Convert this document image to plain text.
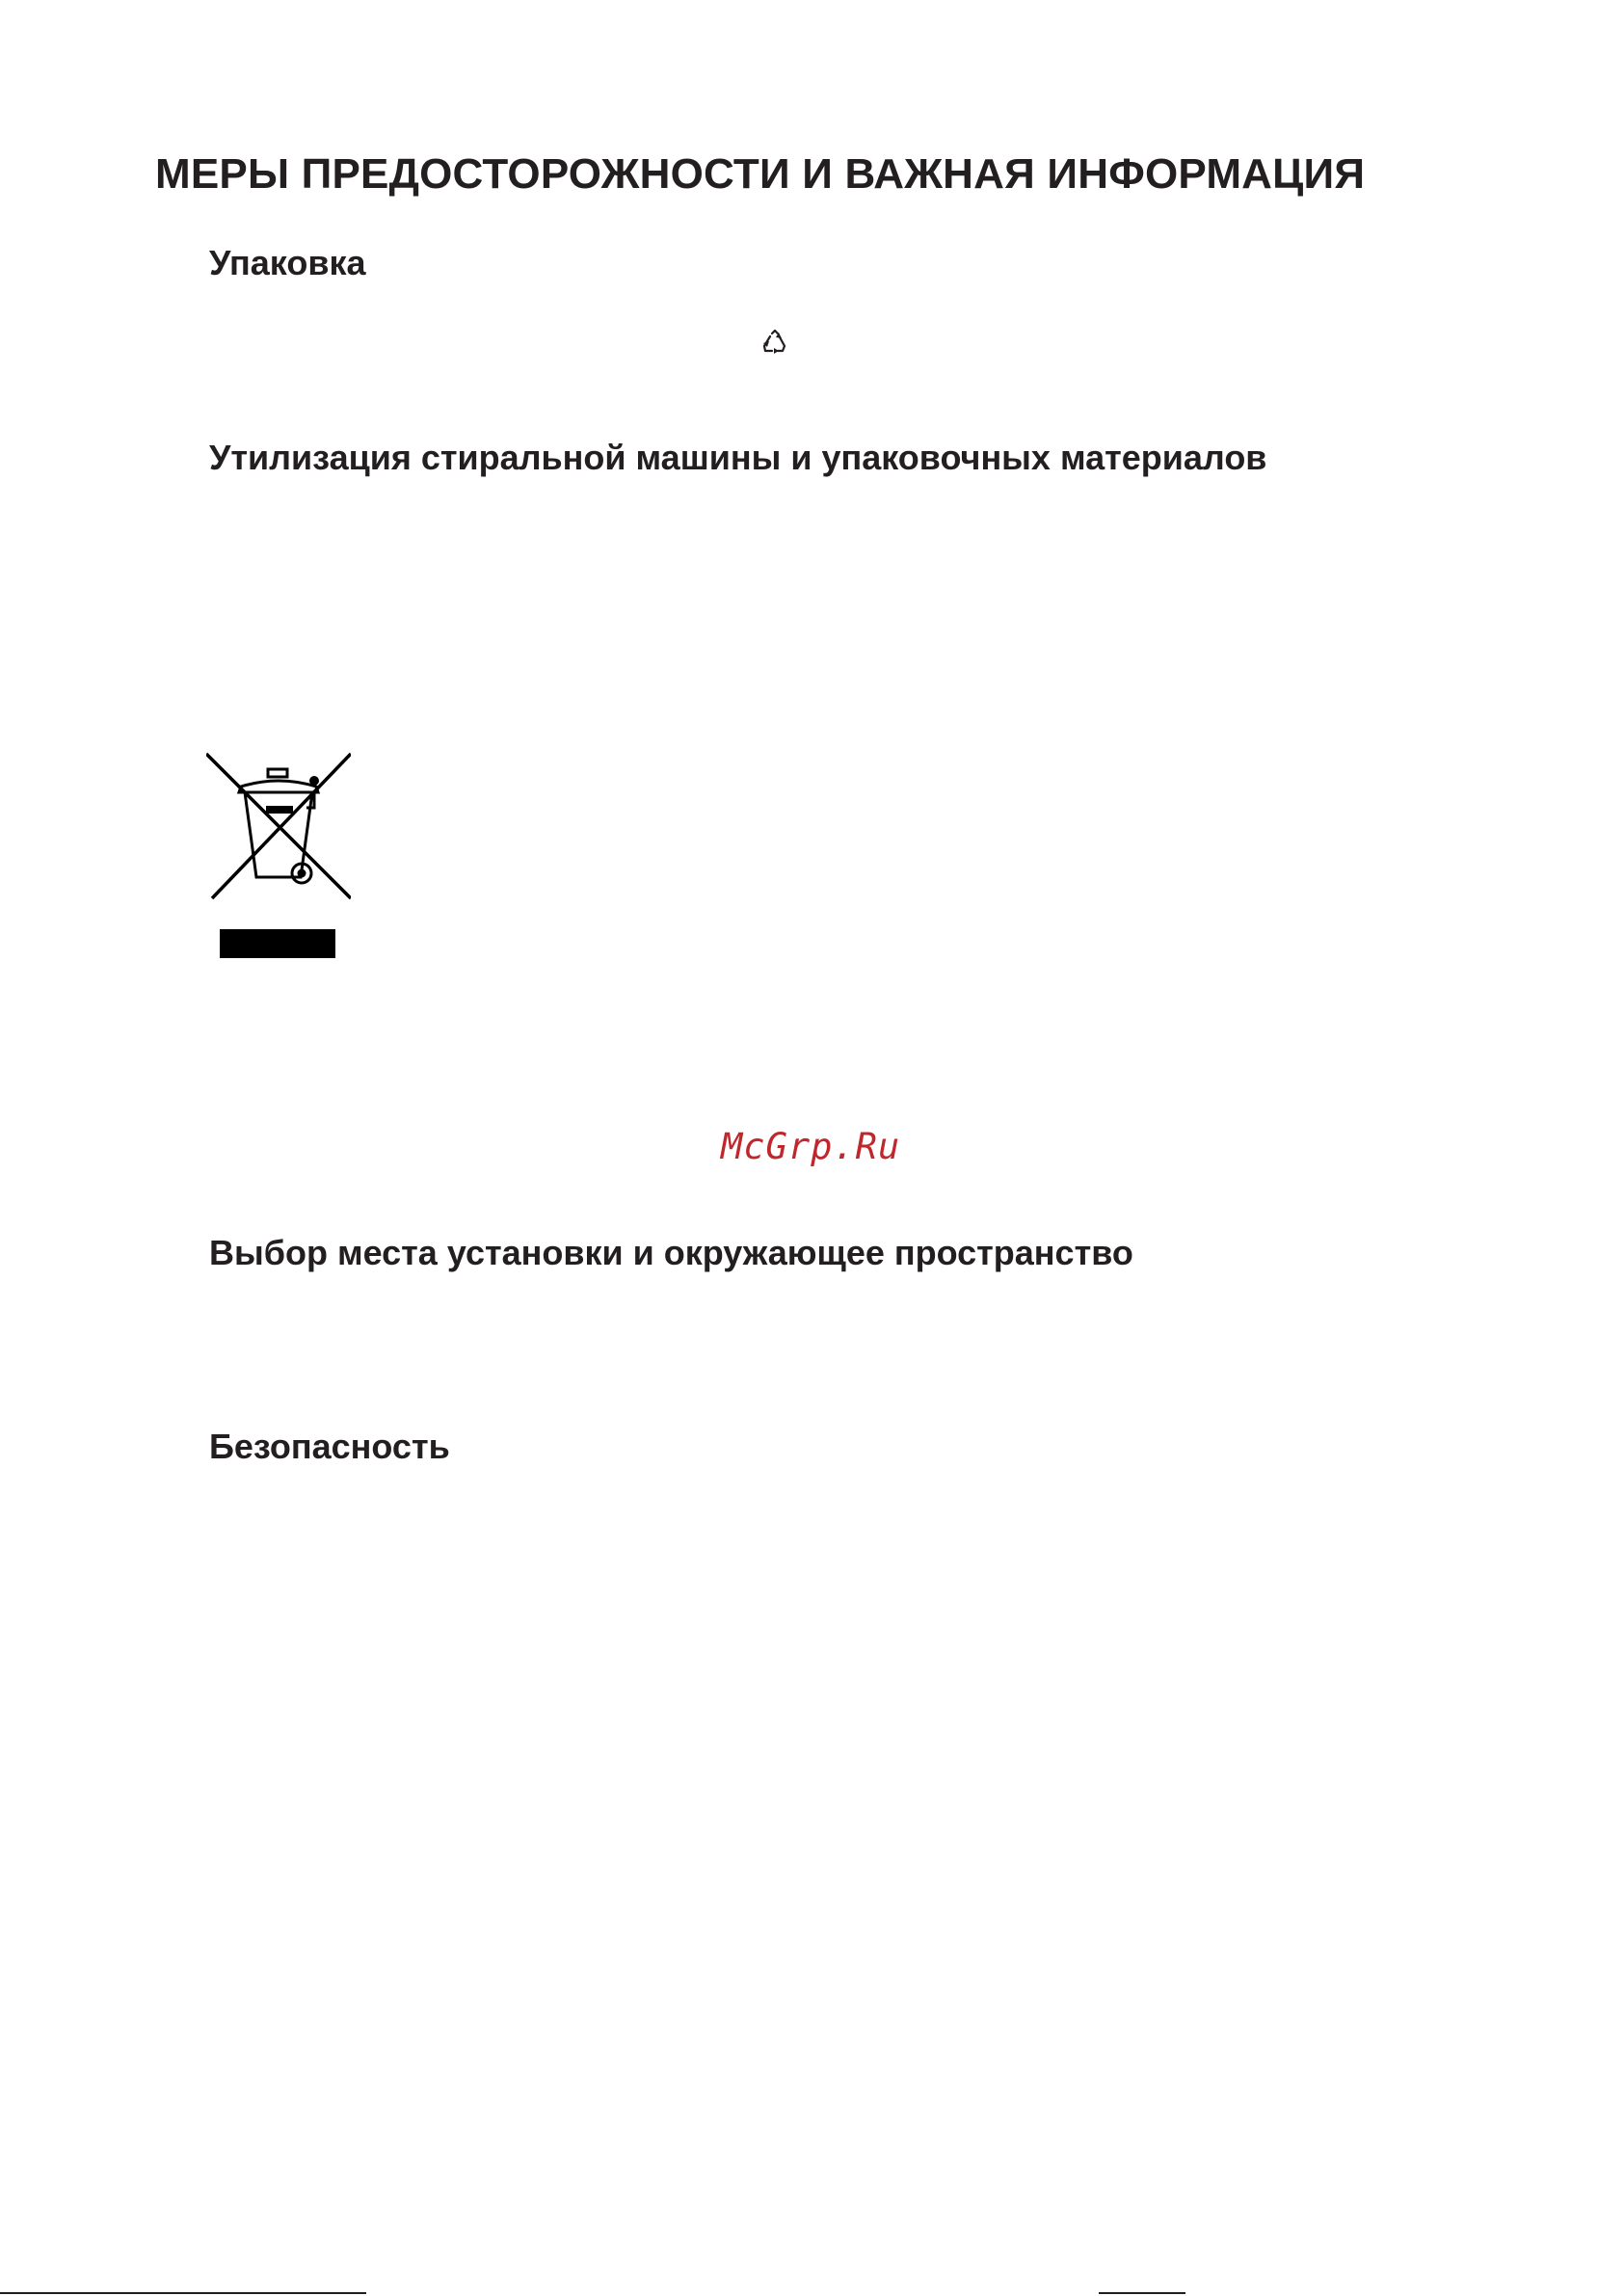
МЕРЫ ПРЕДОСТОРОЖНОСТИ И ВАЖНАЯ ИНФОРМАЦИЯ
Упаковка
Утилизация стиральной машины и упаковочных материалов

McGrp.Ru

Выбор места установки и окружающее пространство
Безопасность
